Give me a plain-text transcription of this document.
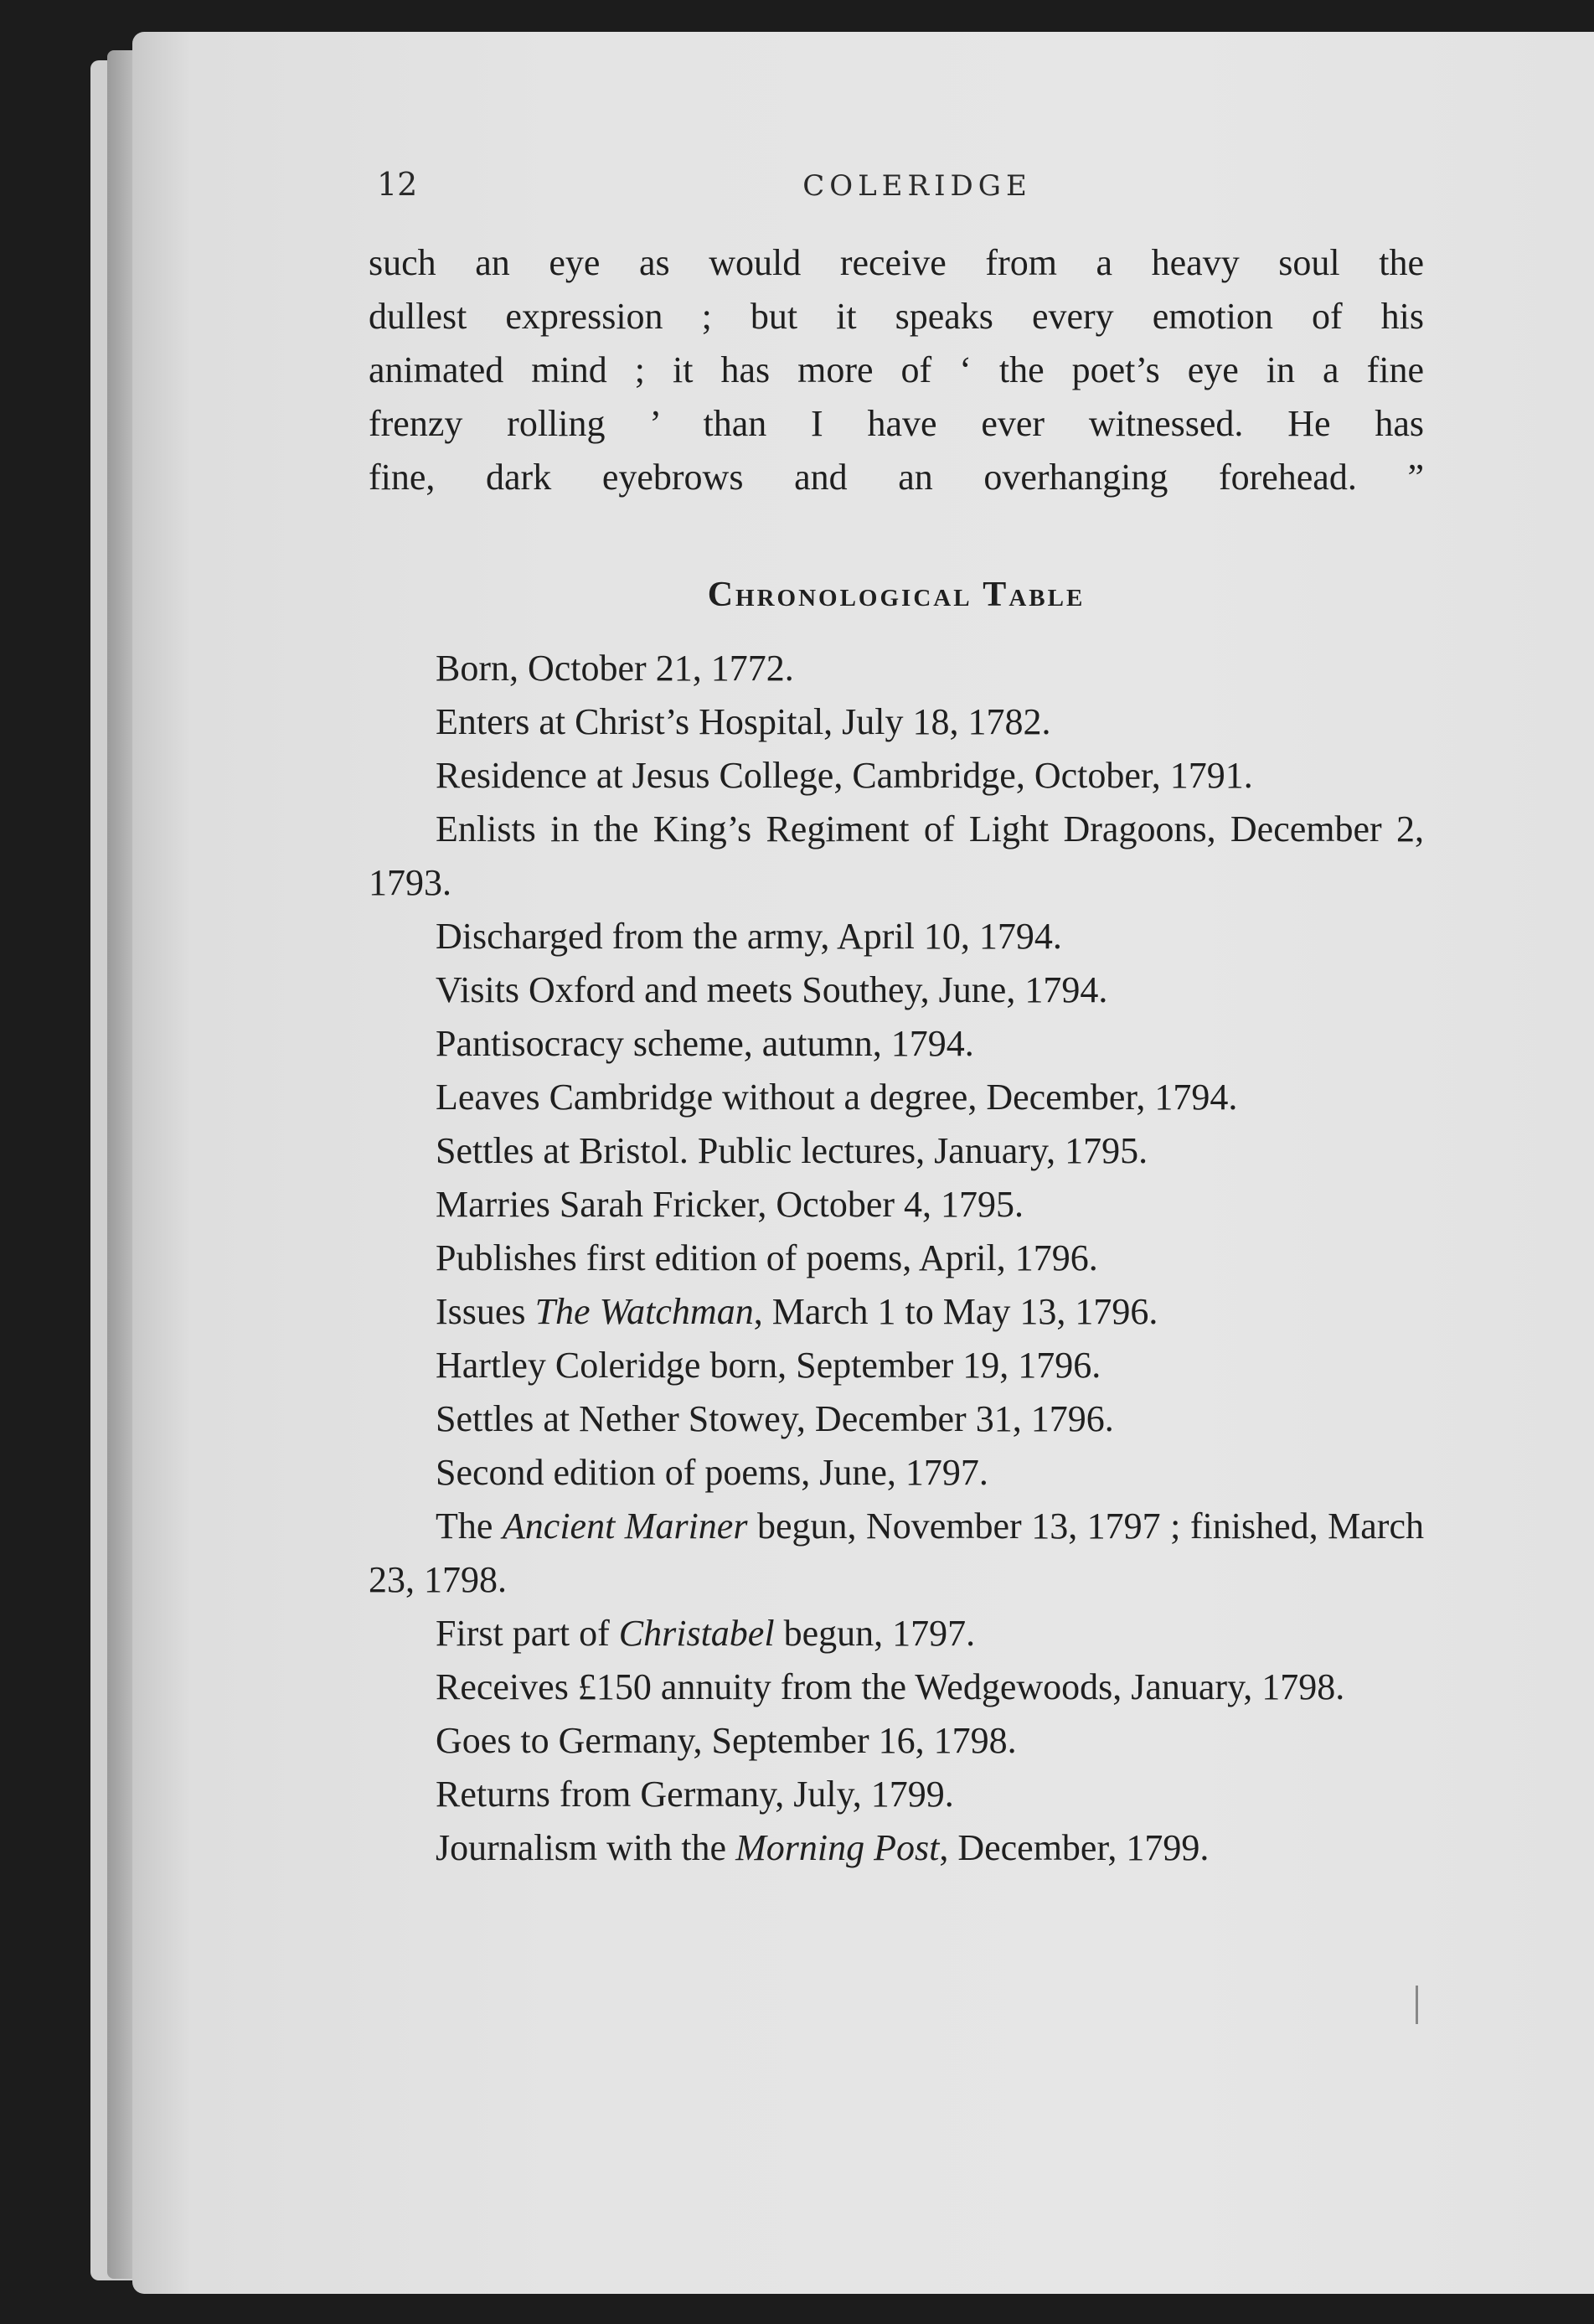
12	COLERIDGE

such an eye as would receive from a heavy soul the

dullest expression ; but it speaks every emotion of his

animated mind ; it has more of ‘ the poet’s eye in a fine

frenzy rolling ’ than I have ever witnessed. He has

fine, dark eyebrows and an overhanging forehead. ”

Chronological Table

Born, October 21, 1772.

Enters at Christ’s Hospital, July 18, 1782.

Residence at Jesus College, Cambridge, October, 1791.

Enlists in the King’s Regiment of Light Dragoons, December 2, 1793.

Discharged from the army, April 10, 1794.

Visits Oxford and meets Southey, June, 1794.

Pantisocracy scheme, autumn, 1794.

Leaves Cambridge without a degree, December, 1794.

Settles at Bristol. Public lectures, January, 1795.

Marries Sarah Fricker, October 4, 1795.

Publishes first edition of poems, April, 1796.

Issues The Watchman, March 1 to May 13, 1796.

Hartley Coleridge born, September 19, 1796.

Settles at Nether Stowey, December 31, 1796.

Second edition of poems, June, 1797.

The Ancient Mariner begun, November 13, 1797 ; finished, March 23, 1798.

First part of Christabel begun, 1797.

Receives £150 annuity from the Wedgewoods, January, 1798.

Goes to Germany, September 16, 1798.

Returns from Germany, July, 1799.

Journalism with the Morning Post, December, 1799.
